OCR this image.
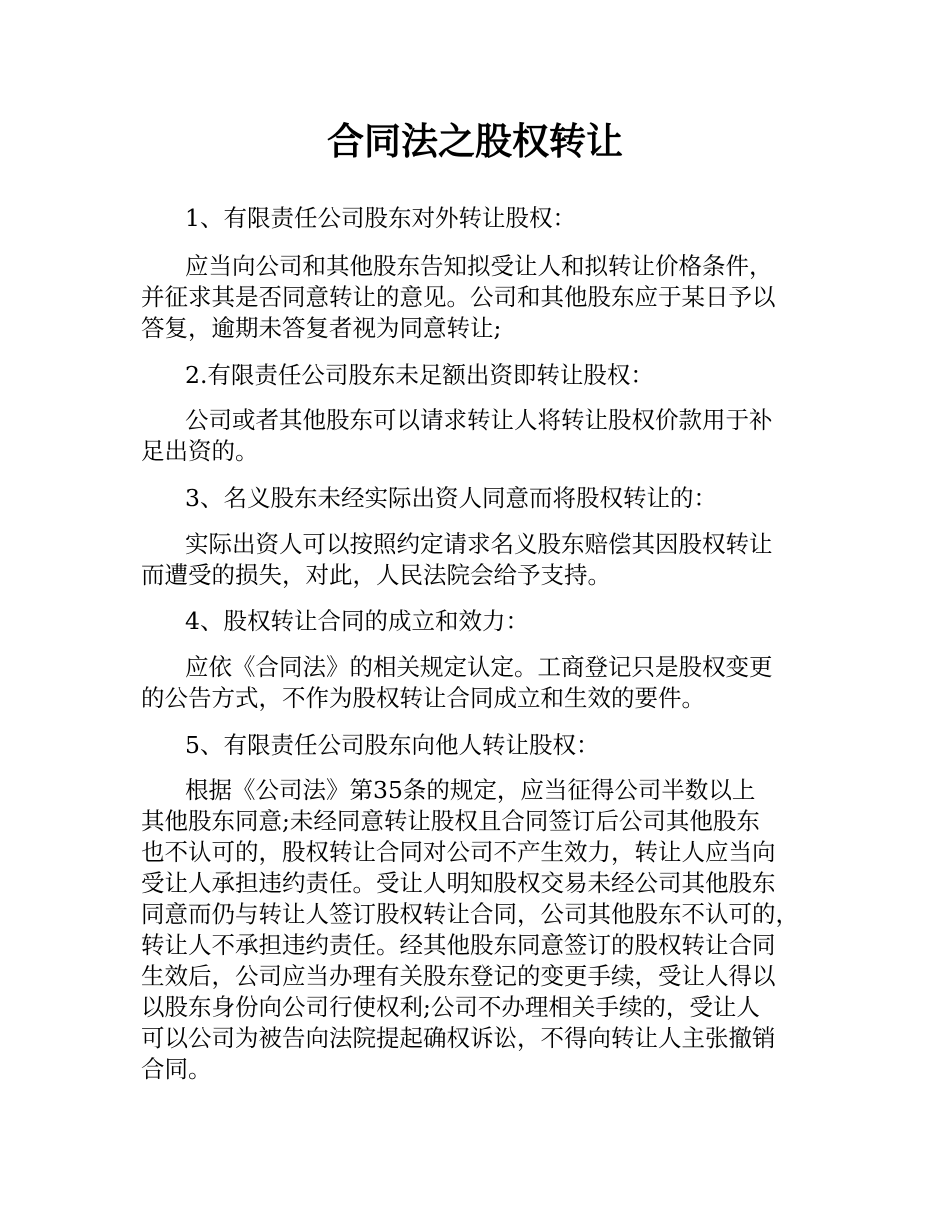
合同法之股权转让

1、有限责任公司股东对外转让股权：

应当向公司和其他股东告知拟受让人和拟转让价格条件，
并征求其是否同意转让的意见。公司和其他股东应于某日予以
答复，逾期未答复者视为同意转让;

2.有限责任公司股东未足额出资即转让股权：

公司或者其他股东可以请求转让人将转让股权价款用于补
足出资的。

3、名义股东未经实际出资人同意而将股权转让的：

实际出资人可以按照约定请求名义股东赔偿其因股权转让
而遭受的损失，对此，人民法院会给予支持。

4、股权转让合同的成立和效力：

应依《合同法》的相关规定认定。工商登记只是股权变更
的公告方式，不作为股权转让合同成立和生效的要件。

5、有限责任公司股东向他人转让股权：

根据《公司法》第35条的规定，应当征得公司半数以上
其他股东同意;未经同意转让股权且合同签订后公司其他股东
也不认可的，股权转让合同对公司不产生效力，转让人应当向
受让人承担违约责任。受让人明知股权交易未经公司其他股东
同意而仍与转让人签订股权转让合同，公司其他股东不认可的，
转让人不承担违约责任。经其他股东同意签订的股权转让合同
生效后，公司应当办理有关股东登记的变更手续，受让人得以
以股东身份向公司行使权利;公司不办理相关手续的，受让人
可以公司为被告向法院提起确权诉讼，不得向转让人主张撤销
合同。
